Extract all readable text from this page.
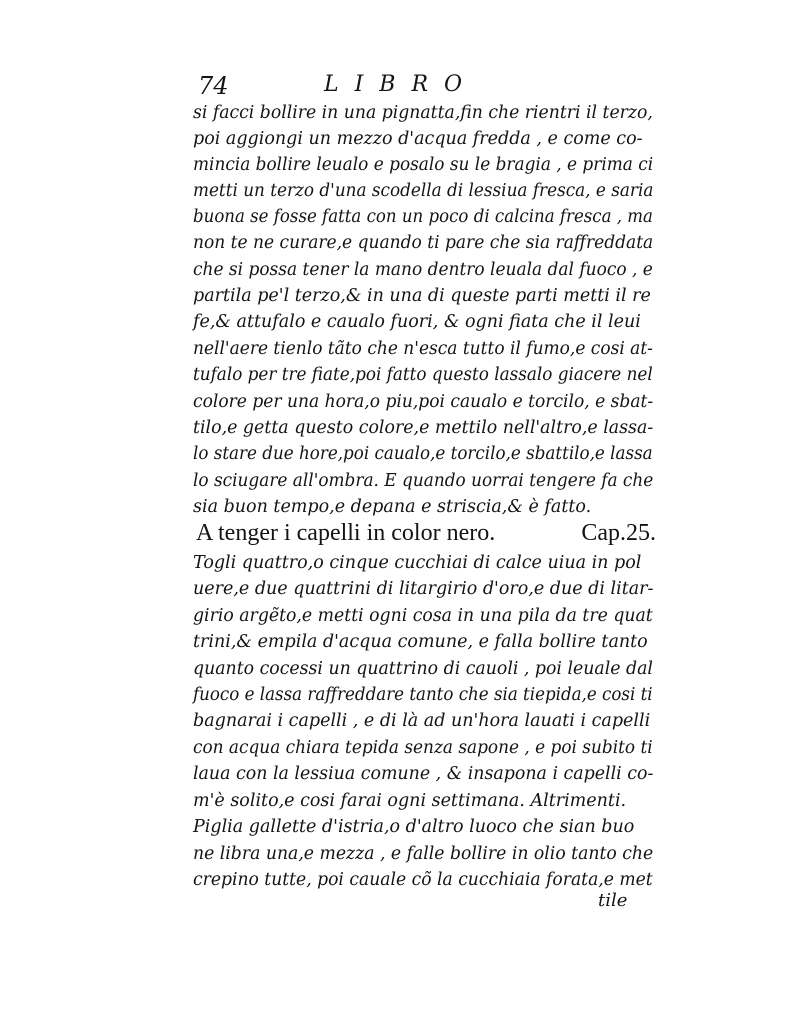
74	LIBRO
si facci bollire in una pignatta,fin che rientri il terzo,
poi aggiongi un mezzo d'acqua fredda , e come co-
mincia bollire leualo e posalo su le bragia , e prima ci
metti un terzo d'una scodella di lessiua fresca, e saria
buona se fosse fatta con un poco di calcina fresca , ma
non te ne curare,e quando ti pare che sia raffreddata
che si possa tener la mano dentro leuala dal fuoco , e
partila pe'l terzo,& in una di queste parti metti il re
fe,& attufalo e caualo fuori, & ogni fiata che il leui
nell'aere tienlo tãto che n'esca tutto il fumo,e cosi at-
tufalo per tre fiate,poi fatto questo lassalo giacere nel
colore per una hora,o piu,poi caualo e torcilo, e sbat-
tilo,e getta questo colore,e mettilo nell'altro,e lassa-
lo stare due hore,poi caualo,e torcilo,e sbattilo,e lassa
lo sciugare all'ombra. E quando uorrai tengere fa che
sia buon tempo,e depana e striscia,& è fatto.
A tenger i capelli in color nero.	Cap.25.
Togli quattro,o cinque cucchiai di calce uiua in pol
uere,e due quattrini di litargirio d'oro,e due di litar-
girio argẽto,e metti ogni cosa in una pila da tre quat
trini,& empila d'acqua comune, e falla bollire tanto
quanto cocessi un quattrino di cauoli , poi leuale dal
fuoco e lassa raffreddare tanto che sia tiepida,e cosi ti
bagnarai i capelli , e di là ad un'hora lauati i capelli
con acqua chiara tepida senza sapone , e poi subito ti
laua con la lessiua comune , & insapona i capelli co-
m'è solito,e cosi farai ogni settimana. Altrimenti.
Piglia gallette d'istria,o d'altro luoco che sian buo
ne libra una,e mezza , e falle bollire in olio tanto che
crepino tutte, poi cauale cõ la cucchiaia forata,e met
tile
